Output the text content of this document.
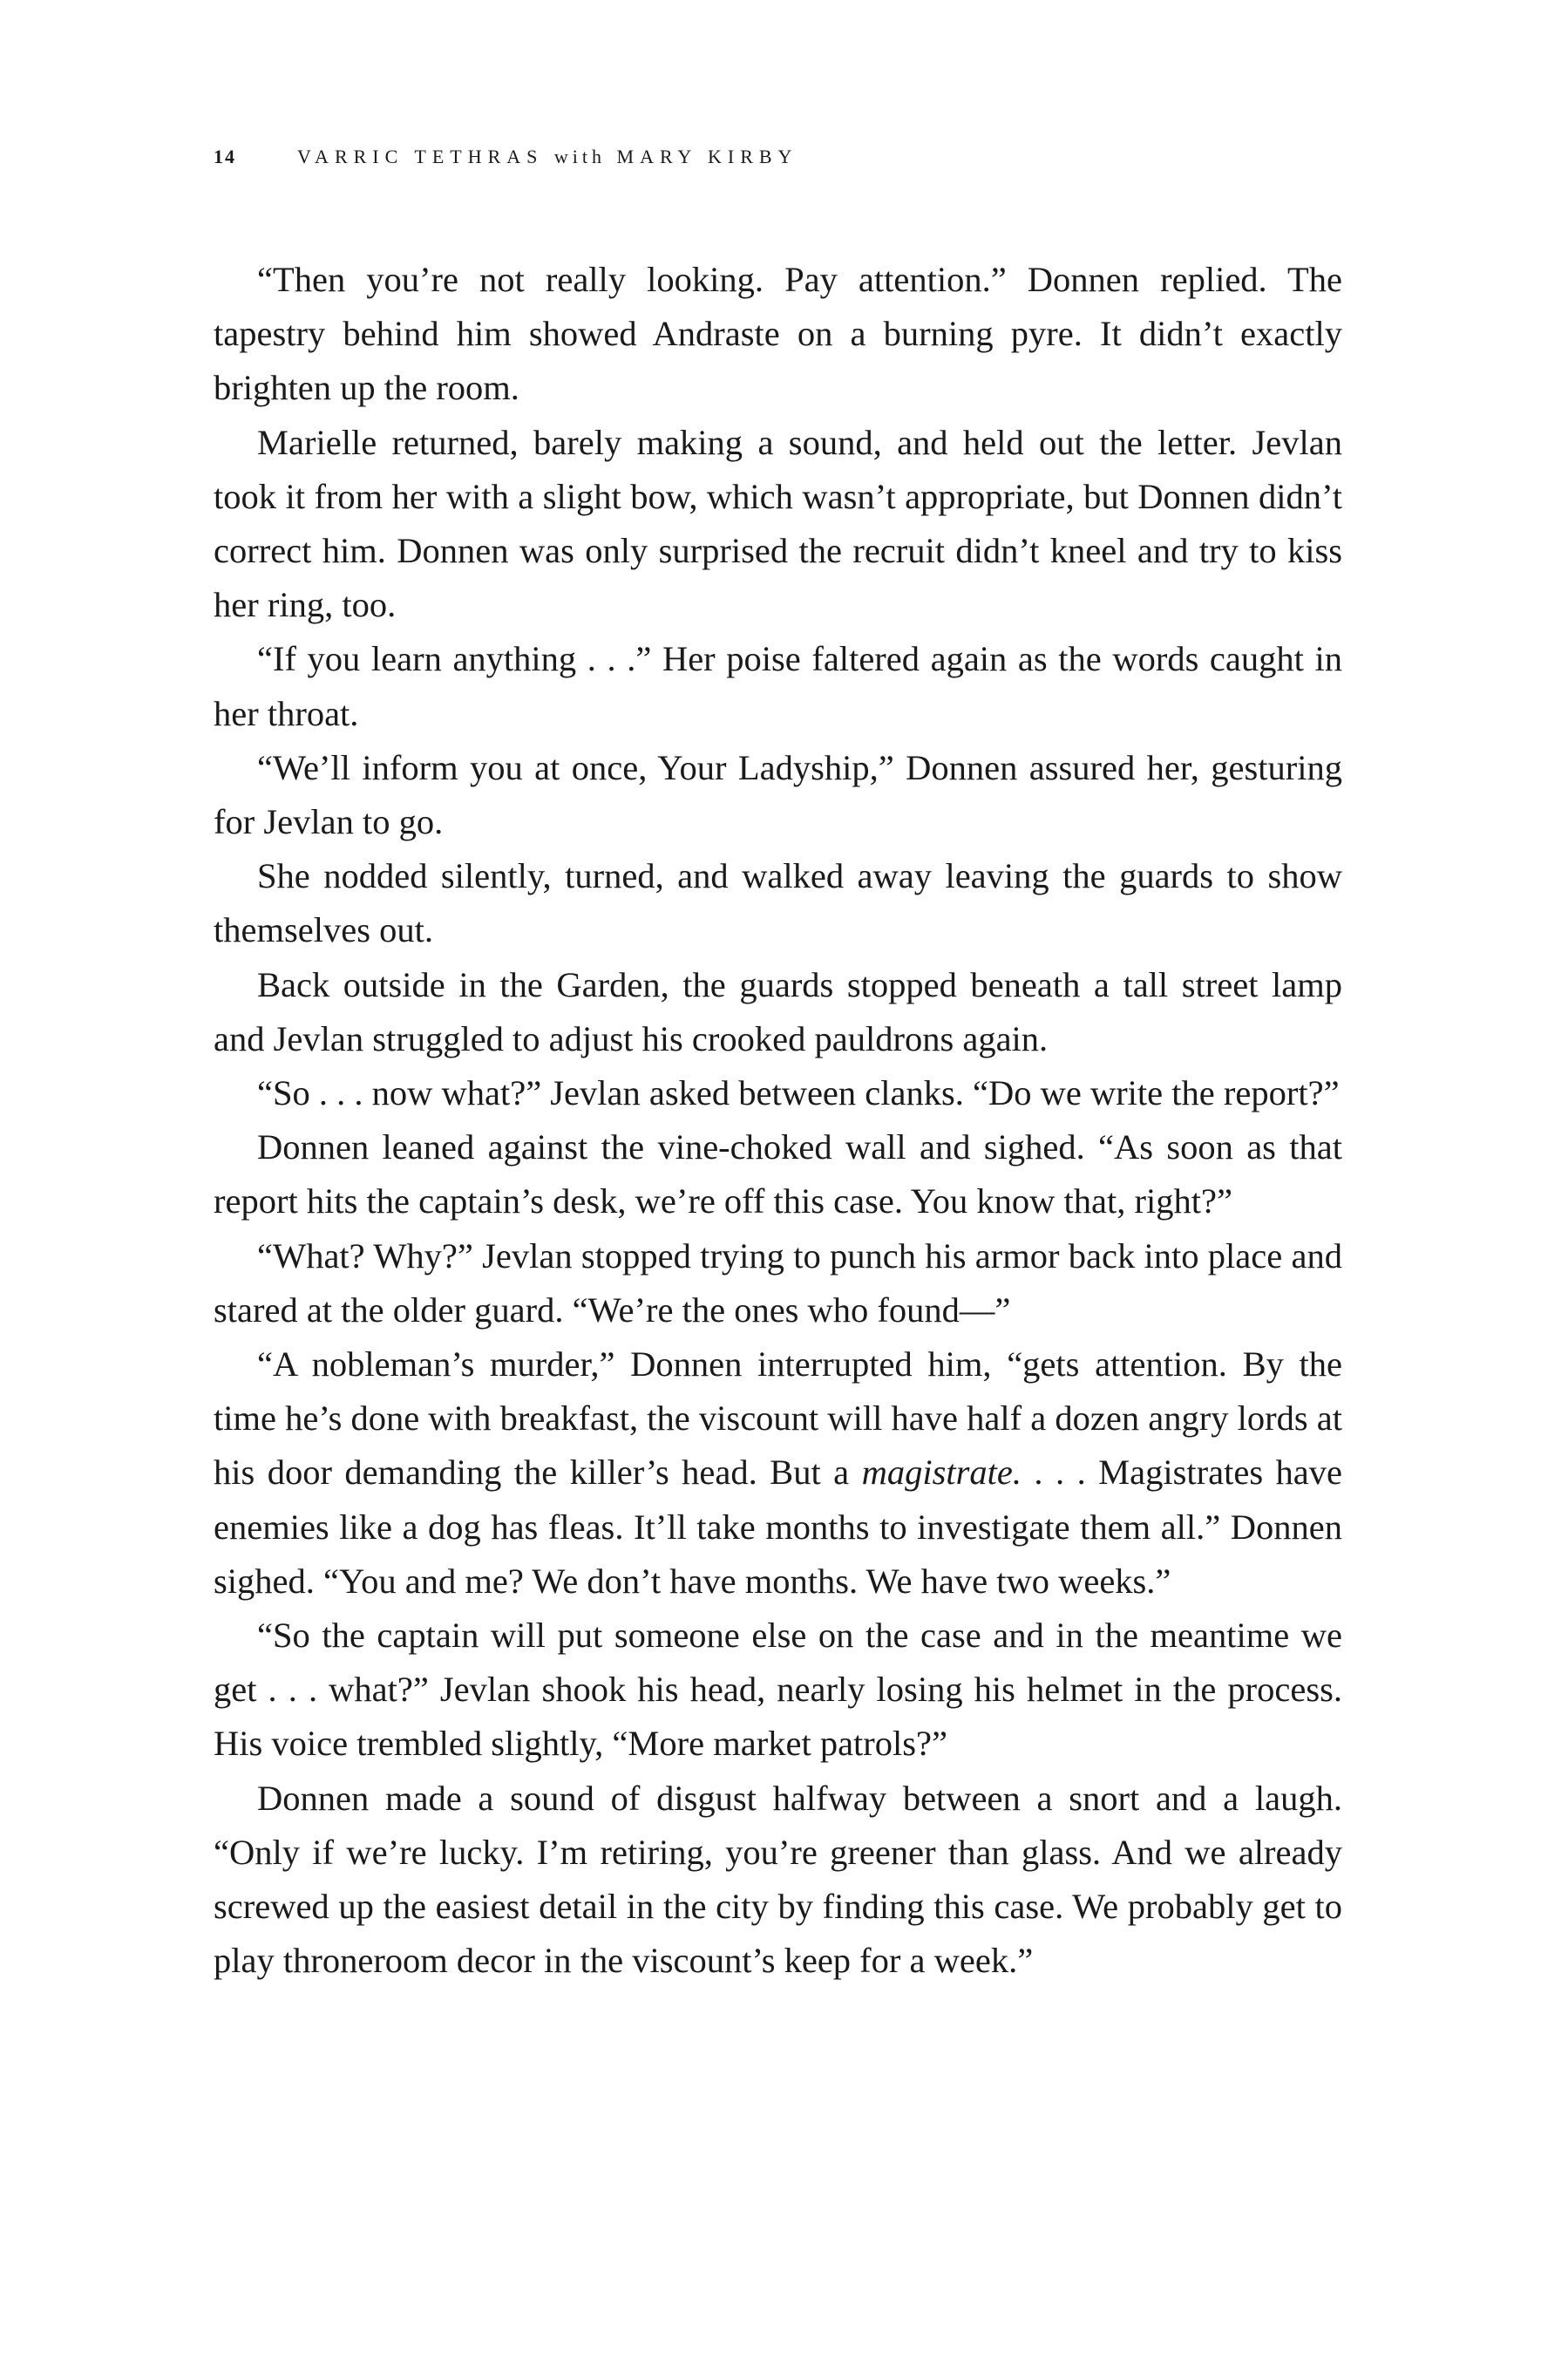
14	VARRIC TETHRAS with MARY KIRBY

“Then you’re not really looking. Pay attention.” Donnen replied. The tapestry behind him showed Andraste on a burning pyre. It didn’t exactly brighten up the room.

Marielle returned, barely making a sound, and held out the letter. Jevlan took it from her with a slight bow, which wasn’t appropriate, but Donnen didn’t correct him. Donnen was only surprised the recruit didn’t kneel and try to kiss her ring, too.

“If you learn anything . . .” Her poise faltered again as the words caught in her throat.

“We’ll inform you at once, Your Ladyship,” Donnen assured her, gesturing for Jevlan to go.

She nodded silently, turned, and walked away leaving the guards to show themselves out.

Back outside in the Garden, the guards stopped beneath a tall street lamp and Jevlan struggled to adjust his crooked pauldrons again.

“So . . . now what?” Jevlan asked between clanks. “Do we write the report?”

Donnen leaned against the vine-choked wall and sighed. “As soon as that report hits the captain’s desk, we’re off this case. You know that, right?”

“What? Why?” Jevlan stopped trying to punch his armor back into place and stared at the older guard. “We’re the ones who found—”

“A nobleman’s murder,” Donnen interrupted him, “gets attention. By the time he’s done with breakfast, the viscount will have half a dozen angry lords at his door demanding the killer’s head. But a magistrate. . . . Magistrates have enemies like a dog has fleas. It’ll take months to investigate them all.” Donnen sighed. “You and me? We don’t have months. We have two weeks.”

“So the captain will put someone else on the case and in the meantime we get . . . what?” Jevlan shook his head, nearly losing his helmet in the process. His voice trembled slightly, “More market patrols?”

Donnen made a sound of disgust halfway between a snort and a laugh. “Only if we’re lucky. I’m retiring, you’re greener than glass. And we already screwed up the easiest detail in the city by finding this case. We probably get to play throneroom decor in the viscount’s keep for a week.”
